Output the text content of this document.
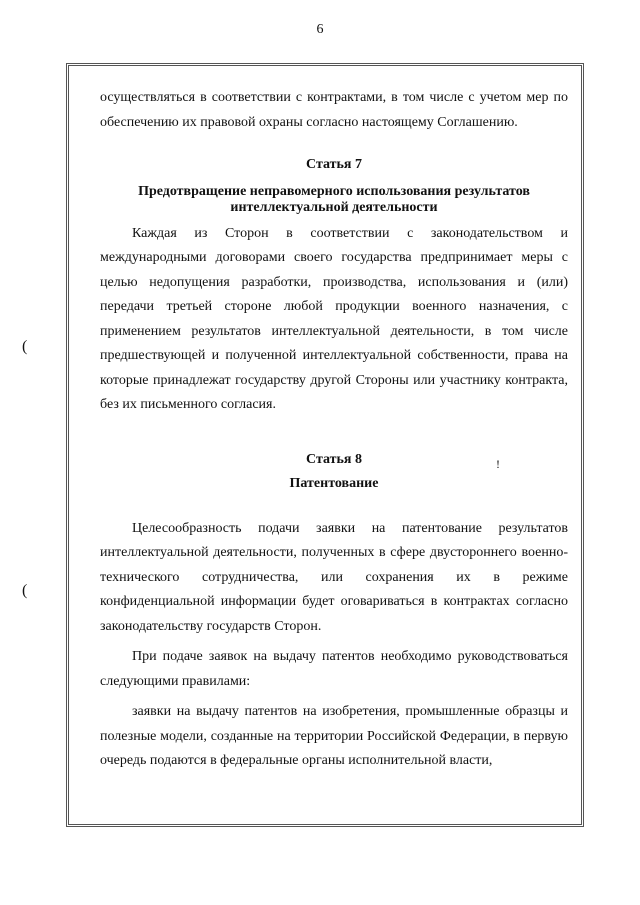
6
(
(
!

осуществляться в соответствии с контрактами, в том числе с учетом мер по обеспечению их правовой охраны согласно настоящему Соглашению.

Статья 7

Предотвращение неправомерного использования результатов интеллектуальной деятельности

Каждая из Сторон в соответствии с законодательством и международными договорами своего государства предпринимает меры с целью недопущения разработки, производства, использования и (или) передачи третьей стороне любой продукции военного назначения, с применением результатов интеллектуальной деятельности, в том числе предшествующей и полученной интеллектуальной собственности, права на которые принадлежат государству другой Стороны или участнику контракта, без их письменного согласия.

Статья 8

Патентование

Целесообразность подачи заявки на патентование результатов интеллектуальной деятельности, полученных в сфере двустороннего военно-технического сотрудничества, или сохранения их в режиме конфиденциальной информации будет оговариваться в контрактах согласно законодательству государств Сторон.

При подаче заявок на выдачу патентов необходимо руководствоваться следующими правилами:

заявки на выдачу патентов на изобретения, промышленные образцы и полезные модели, созданные на территории Российской Федерации, в первую очередь подаются в федеральные органы исполнительной власти,
